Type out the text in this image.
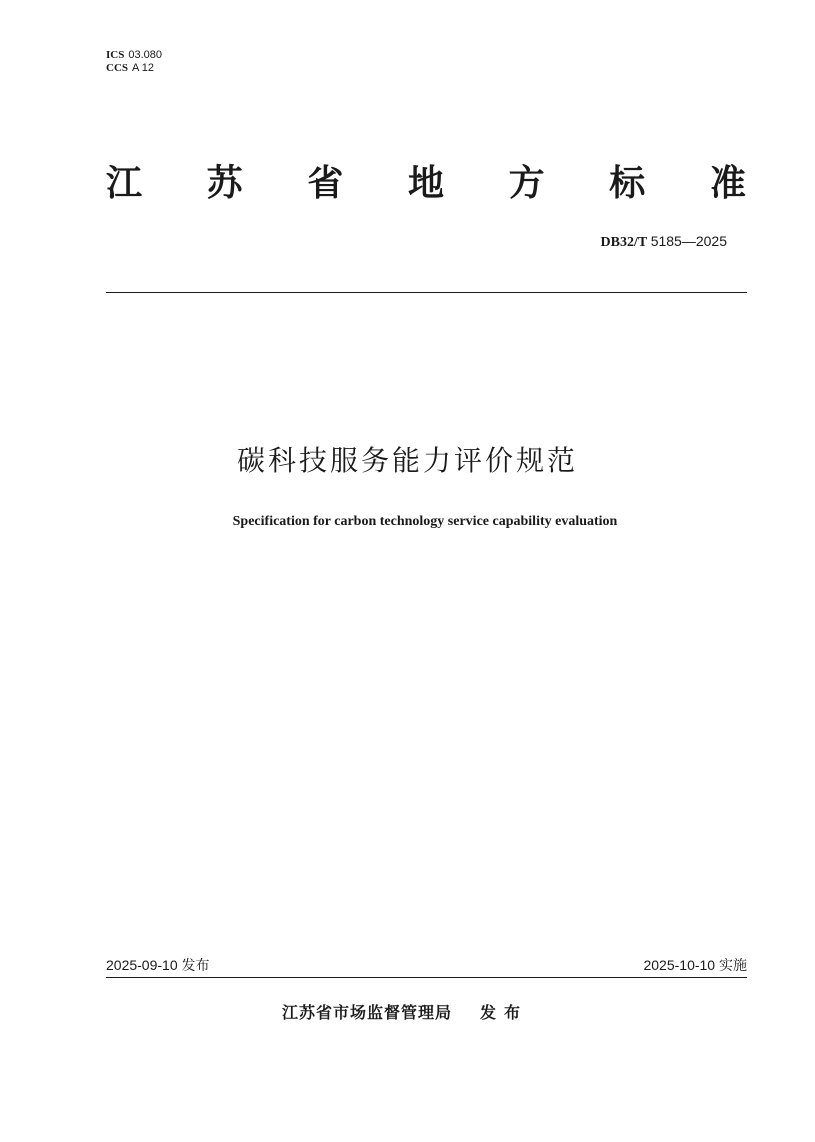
ICS 03.080
CCS A 12
江 苏 省 地 方 标 准
DB32/T 5185—2025
碳科技服务能力评价规范
Specification for carbon technology service capability evaluation
2025-09-10 发布	2025-10-10 实施
江苏省市场监督管理局 发布
